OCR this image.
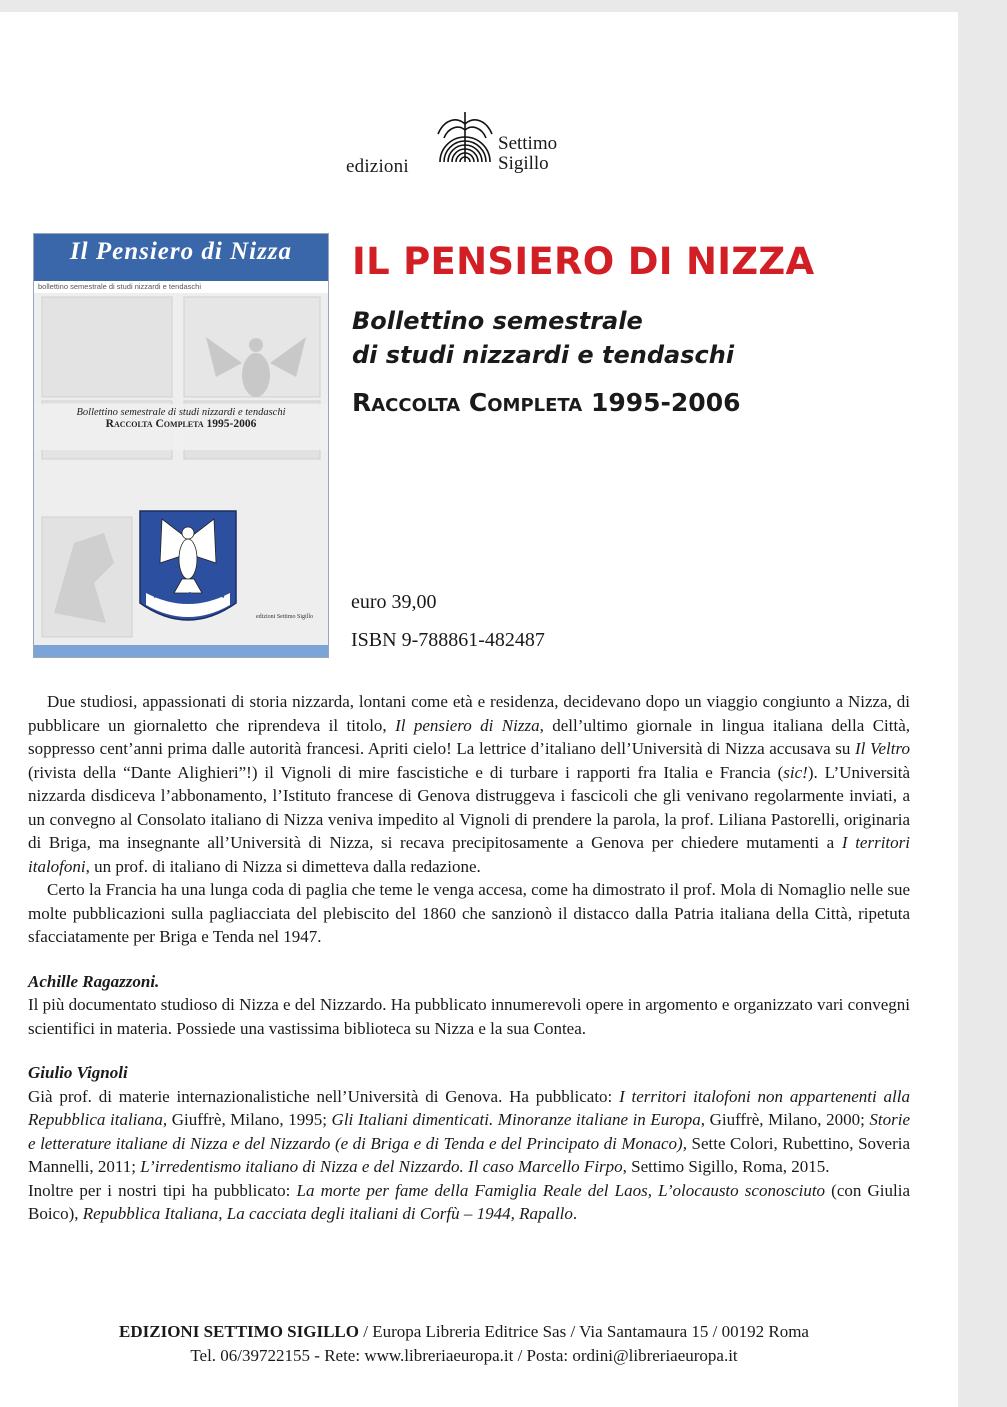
edizioni
Settimo
Sigillo
Il Pensiero di Nizza
bollettino semestrale di studi nizzardi e tendaschi
Bollettino semestrale di studi nizzardi e tendaschi
Raccolta Completa 1995-2006
edizioni Settimo Sigillo
IL PENSIERO DI NIZZA
Bollettino semestrale
di studi nizzardi e tendaschi
Raccolta Completa 1995-2006
euro 39,00
ISBN 9-788861-482487

Due studiosi, appassionati di storia nizzarda, lontani come età e residenza, decidevano dopo un viaggio congiunto a Nizza, di pubblicare un giornaletto che riprendeva il titolo, Il pensiero di Nizza, dell’ultimo giornale in lingua italiana della Città, soppresso cent’anni prima dalle autorità francesi. Apriti cielo! La lettrice d’italiano dell’Università di Nizza accusava su Il Veltro (rivista della “Dante Alighieri”!) il Vignoli di mire fascistiche e di turbare i rapporti fra Italia e Francia (sic!). L’Università nizzarda disdiceva l’abbonamento, l’Istituto francese di Genova distruggeva i fascicoli che gli venivano regolarmente inviati, a un convegno al Consolato italiano di Nizza veniva impedito al Vignoli di prendere la parola, la prof. Liliana Pastorelli, originaria di Briga, ma insegnante all’Università di Nizza, si recava precipitosamente a Genova per chiedere mutamenti a I territori italofoni, un prof. di italiano di Nizza si dimetteva dalla redazione.

Certo la Francia ha una lunga coda di paglia che teme le venga accesa, come ha dimostrato il prof. Mola di Nomaglio nelle sue molte pubblicazioni sulla pagliacciata del plebiscito del 1860 che sanzionò il distacco dalla Patria italiana della Città, ripetuta sfacciatamente per Briga e Tenda nel 1947.

Achille Ragazzoni.

Il più documentato studioso di Nizza e del Nizzardo. Ha pubblicato innumerevoli opere in argomento e organizzato vari convegni scientifici in materia. Possiede una vastissima biblioteca su Nizza e la sua Contea.

Giulio Vignoli

Già prof. di materie internazionalistiche nell’Università di Genova. Ha pubblicato: I territori italofoni non appartenenti alla Repubblica italiana, Giuffrè, Milano, 1995; Gli Italiani dimenticati. Minoranze italiane in Europa, Giuffrè, Milano, 2000; Storie e letterature italiane di Nizza e del Nizzardo (e di Briga e di Tenda e del Principato di Monaco), Sette Colori, Rubettino, Soveria Mannelli, 2011; L’irredentismo italiano di Nizza e del Nizzardo. Il caso Marcello Firpo, Settimo Sigillo, Roma, 2015.

Inoltre per i nostri tipi ha pubblicato: La morte per fame della Famiglia Reale del Laos, L’olocausto sconosciuto (con Giulia Boico), Repubblica Italiana, La cacciata degli italiani di Corfù – 1944, Rapallo.

EDIZIONI SETTIMO SIGILLO / Europa Libreria Editrice Sas / Via Santamaura 15 / 00192 Roma
Tel. 06/39722155 - Rete: www.libreriaeuropa.it / Posta: ordini@libreriaeuropa.it
